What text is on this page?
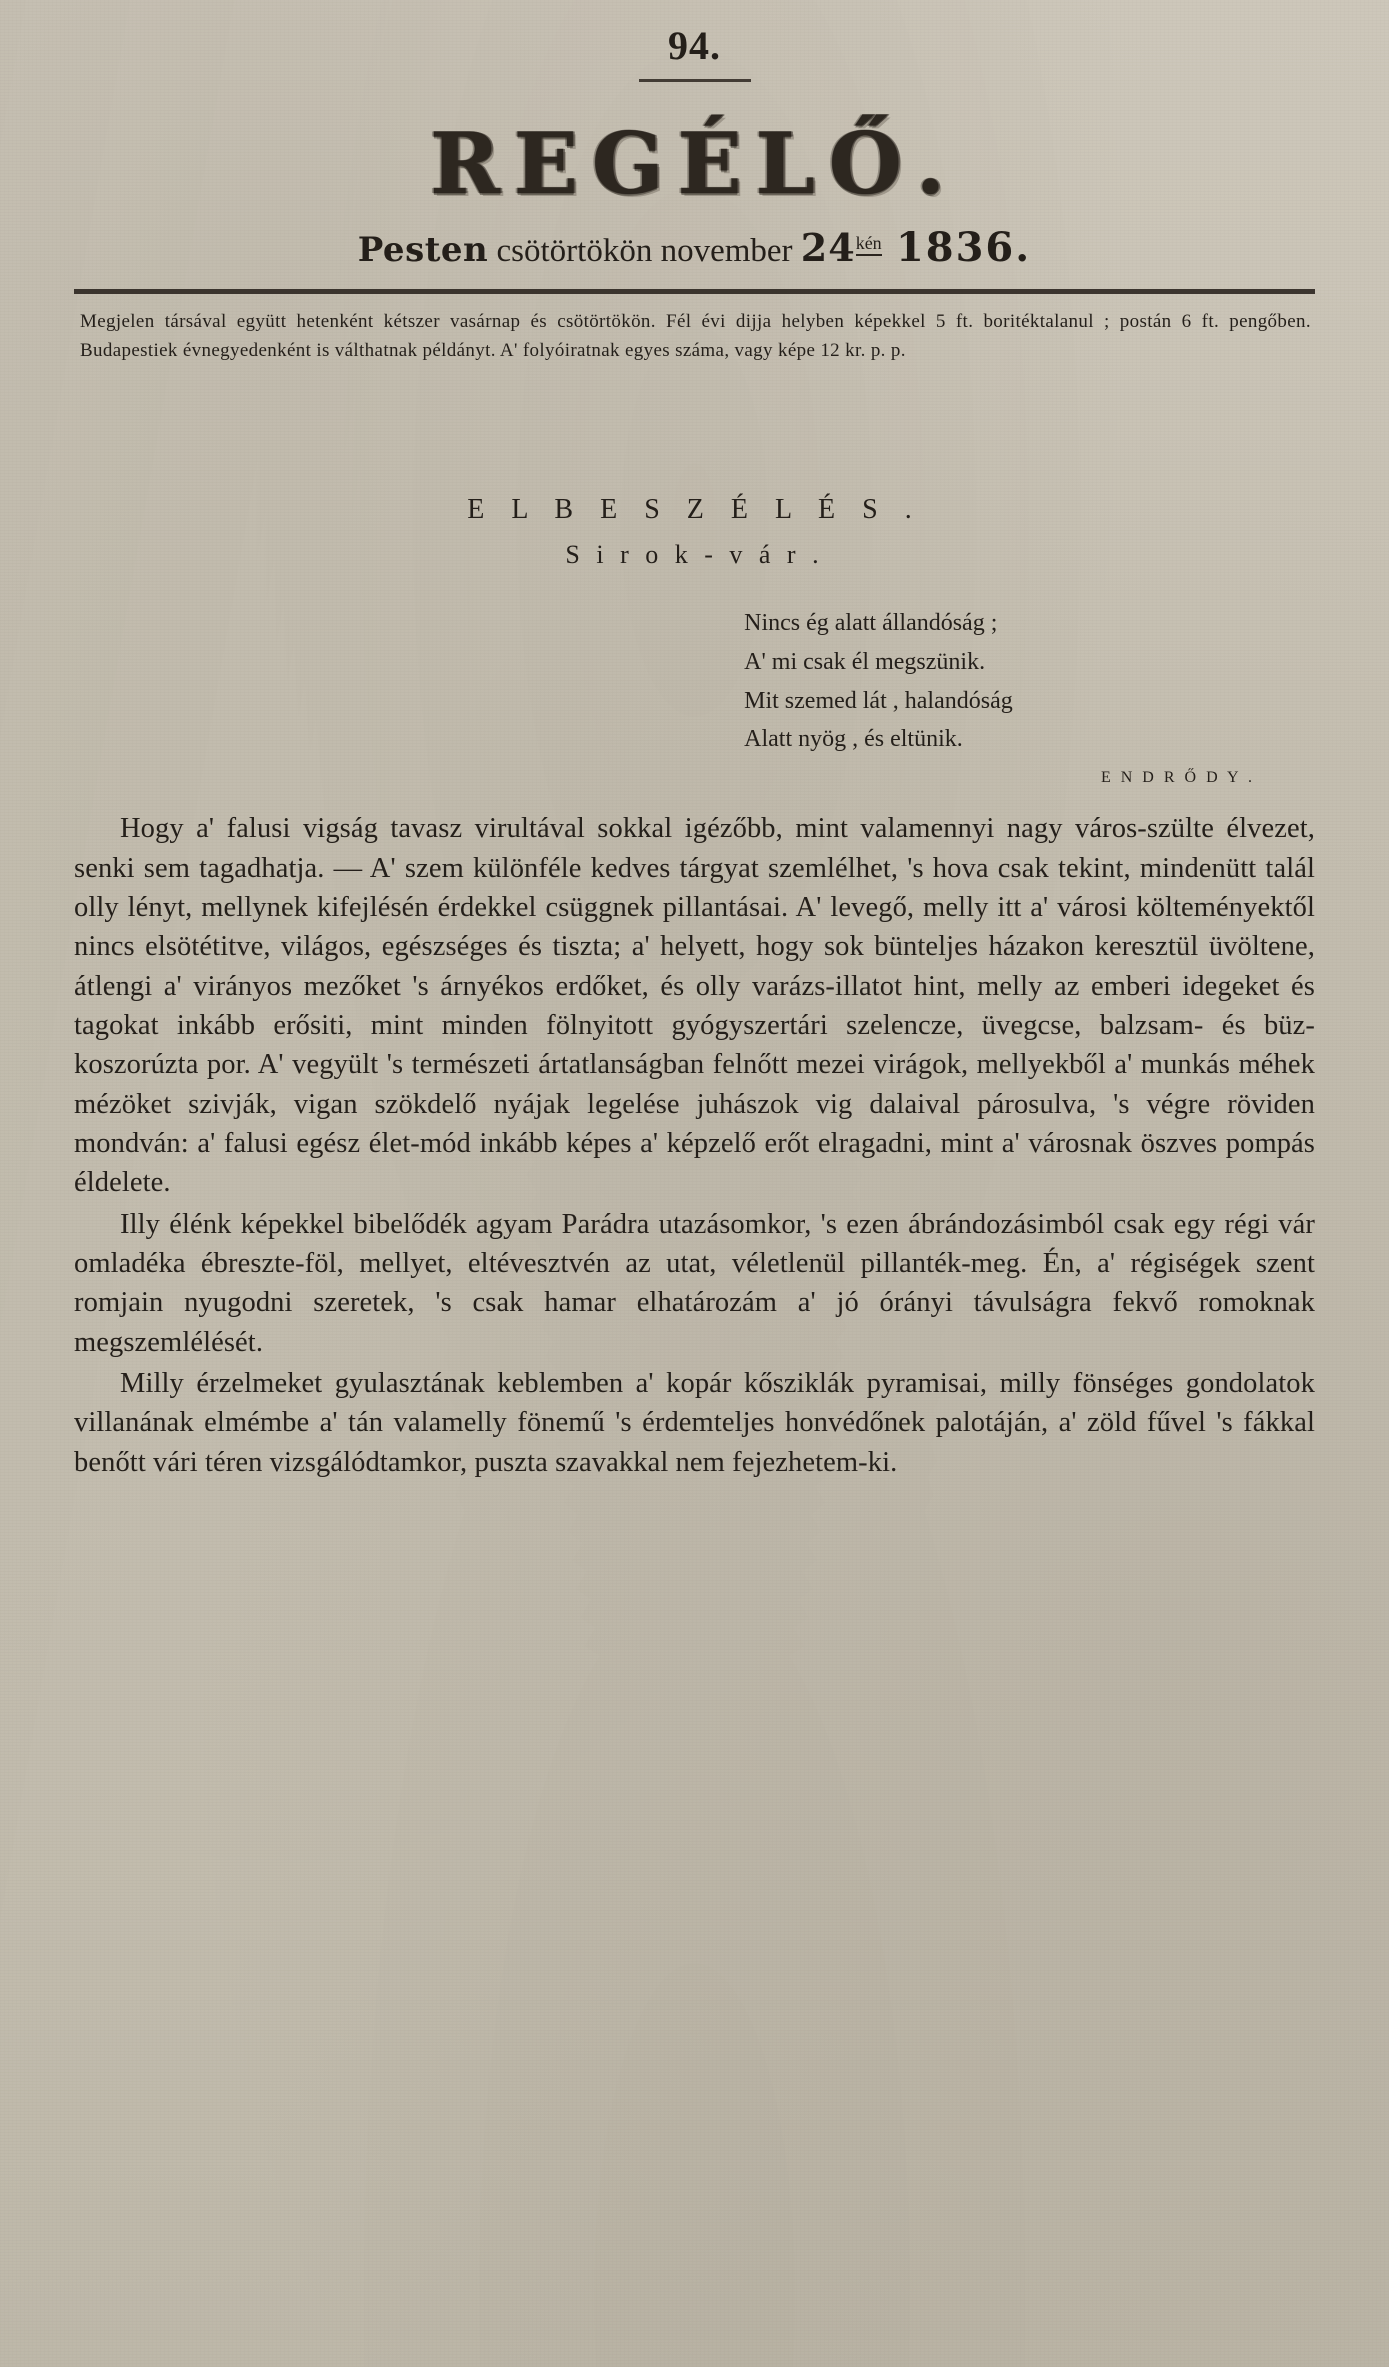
94.
REGÉLŐ.
Pesten csötörtökön november $24^{kén}$ 1836.
Megjelen társával együtt hetenként kétszer vasárnap és csötörtökön. Fél évi dijja helyben képekkel 5 ft. boritéktalanul ; postán 6 ft. pengőben. Budapestiek évnegyedenként is válthatnak példányt. A' folyóiratnak egyes száma, vagy képe 12 kr. p. p.
E L B E S Z É L É S .
S i r o k - v á r .
Nincs ég alatt állandóság ;
A' mi csak él megszünik.
Mit szemed lát , halandóság
Alatt nyög , és eltünik.
E N D R Ő D Y .

Hogy a' falusi vigság tavasz virultával sokkal igézőbb, mint valamennyi nagy város-szülte élvezet, senki sem tagadhatja. — A' szem különféle kedves tárgyat szemlélhet, 's hova csak tekint, mindenütt talál olly lényt, mellynek kifejlésén érdekkel csüggnek pillantásai. A' levegő, melly itt a' városi költeményektől nincs elsötétitve, világos, egészséges és tiszta; a' helyett, hogy sok bünteljes házakon keresztül üvöltene, átlengi a' virányos mezőket 's árnyékos erdőket, és olly varázs-illatot hint, melly az emberi idegeket és tagokat inkább erősiti, mint minden fölnyitott gyógyszertári szelencze, üvegcse, balzsam- és büz-koszorúzta por. A' vegyült 's természeti ártatlanságban felnőtt mezei virágok, mellyekből a' munkás méhek mézöket szivják, vigan szökdelő nyájak legelése juhászok vig dalaival párosulva, 's végre röviden mondván: a' falusi egész élet-mód inkább képes a' képzelő erőt elragadni, mint a' városnak öszves pompás éldelete.

Illy élénk képekkel bibelődék agyam Parádra utazásomkor, 's ezen ábrándozásimból csak egy régi vár omladéka ébreszte-föl, mellyet, eltévesztvén az utat, véletlenül pillanték-meg. Én, a' régiségek szent romjain nyugodni szeretek, 's csak hamar elhatározám a' jó órányi távulságra fekvő romoknak megszemlélését.

Milly érzelmeket gyulasztának keblemben a' kopár kősziklák pyramisai, milly fönséges gondolatok villanának elmémbe a' tán valamelly fönemű 's érdemteljes honvédőnek palotáján, a' zöld fűvel 's fákkal benőtt vári téren vizsgálódtamkor, puszta szavakkal nem fejezhetem-ki.
